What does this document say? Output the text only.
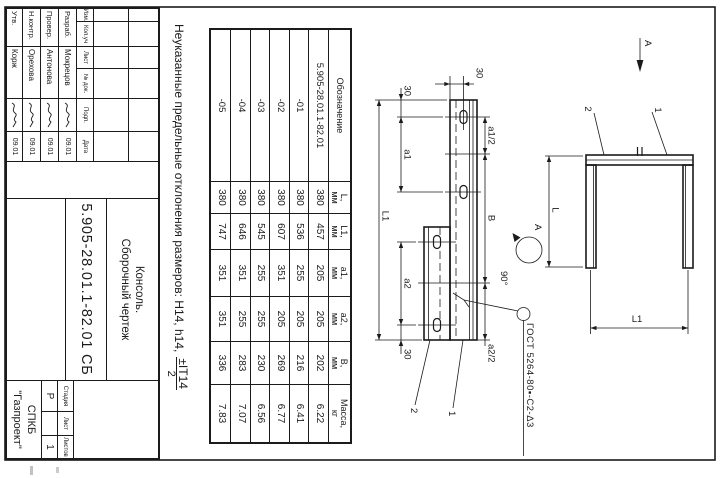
А
а1/2
В
а2/2
30
30
а1
а2
30
L1
1
2	ГОСТ 5264-80▪-С2-Δ3
1
2
L
L1
А
90°
Обозначение
L,
мм
L1,
мм
а1,
мм
а2,
мм
В,
мм
Масса,
кг
5.905-28.01.1-82.01
380
457
205
205
202
6.22
-01
380
536
255
205
216
6.41
-02
380
607
351
205
269
6.77
-03
380
545
255
255
230
6.56
-04
380
646
351
255
283
7.07
-05
380
747
351
351
336
7.83
Неуказанные предельные отклонения размеров: H14, h14,
±IT14
2
Изм.
Кол.уч
Лист
№ док.
Подп.
Дата
Разраб.
Мокрецов
09.01
Провер.
Антонова
09.01
Н.контр.
Орехова
09.01
Утв.
Корж
09.01
Консоль.
Сборочный чертеж
5.905-28.01.1-82.01 СБ
Стадия
Лист
Листов
Р
1
СПКБ
"Газпроект"
